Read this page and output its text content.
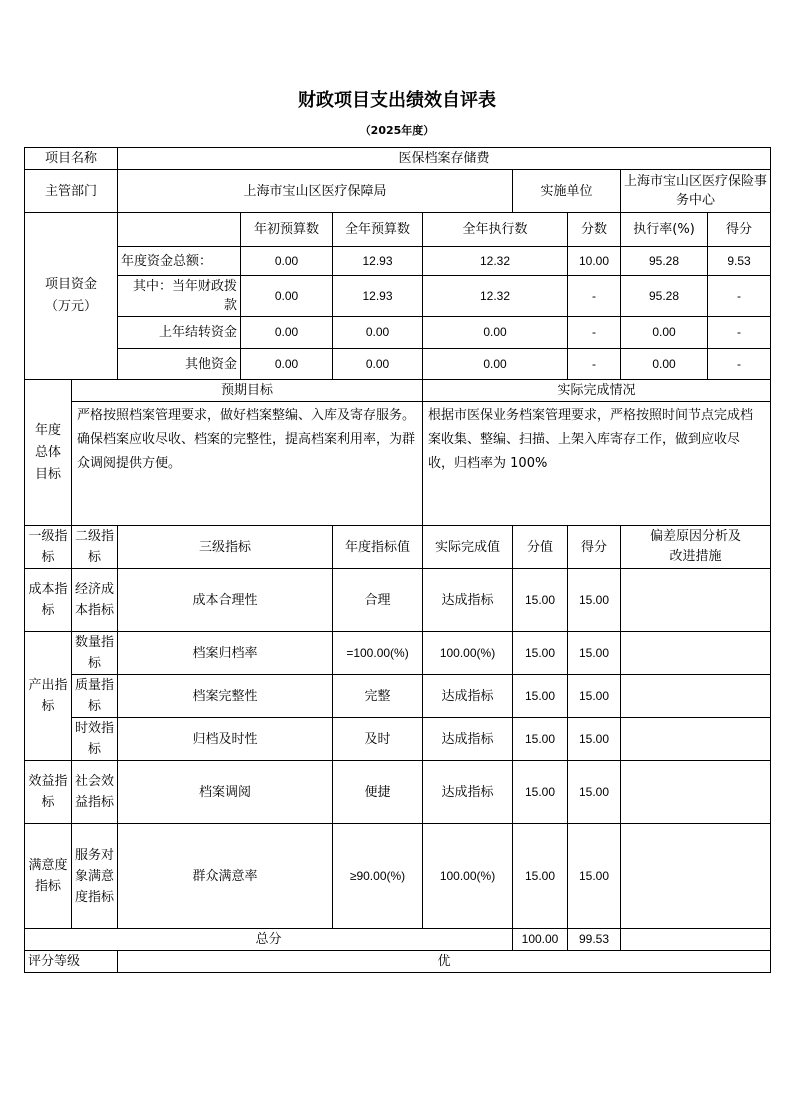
财政项目支出绩效自评表
（2025年度）
项目名称		医保档案存储费							
主管部门		上海市宝山区医疗保障局				实施单位		上海市宝山区医疗保险事务中心	
项目资金（万元）			年初预算数	全年预算数	全年执行数		分数	执行率(%)	得分
		年度资金总额：	0.00	12.93	12.32		10.00	95.28	9.53
		其中：当年财政拨款	0.00	12.93	12.32		-	95.28	-
		上年结转资金	0.00	0.00	0.00		-	0.00	-
		其他资金	0.00	0.00	0.00		-	0.00	-
年度总体目标	预期目标				实际完成情况				
	严格按照档案管理要求，做好档案整编、入库及寄存服务。确保档案应收尽收、档案的完整性，提高档案利用率，为群众调阅提供方便。				根据市医保业务档案管理要求，严格按照时间节点完成档案收集、整编、扫描、上架入库寄存工作，做到应收尽收，归档率为 100%				
一级指标	二级指标	三级指标		年度指标值	实际完成值	分值	得分	偏差原因分析及改进措施	
成本指标	经济成本指标	成本合理性		合理	达成指标	15.00	15.00		
产出指标	数量指标	档案归档率		=100.00(%)	100.00(%)	15.00	15.00		
	质量指标	档案完整性		完整	达成指标	15.00	15.00		
	时效指标	归档及时性		及时	达成指标	15.00	15.00		
效益指标	社会效益指标	档案调阅		便捷	达成指标	15.00	15.00		
满意度指标	服务对象满意度指标	群众满意率		≥90.00(%)	100.00(%)	15.00	15.00		
总分						100.00	99.53		
评分等级		优							
